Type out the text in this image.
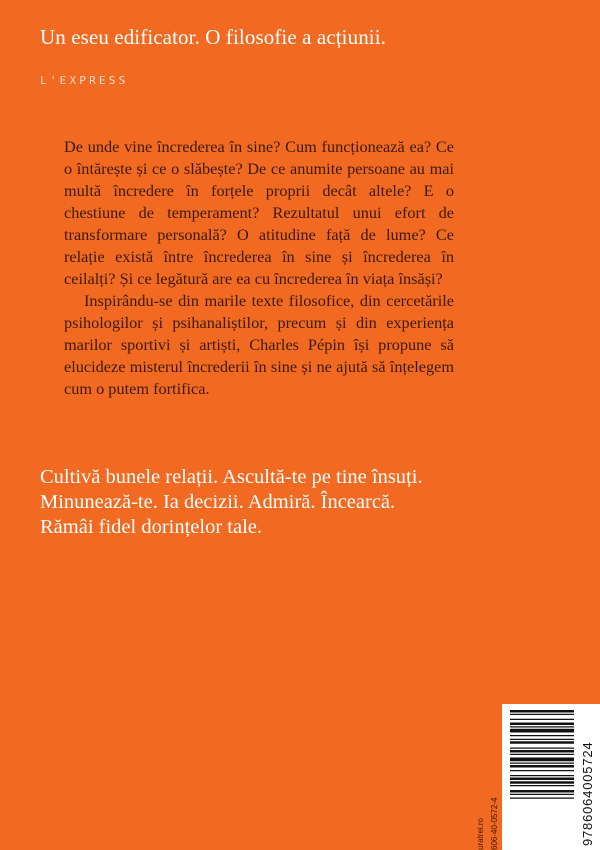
Un eseu edificator. O filosofie a acțiunii.
L'EXPRESS

De unde vine încrederea în sine? Cum funcționează ea? Ce o întărește și ce o slăbește? De ce anumite persoane au mai multă încredere în forțele proprii decât altele? E o chestiune de temperament? Rezultatul unui efort de transformare personală? O atitudine față de lume? Ce relație există între încrederea în sine și încrederea în ceilalți? Și ce legătură are ea cu încrederea în viața însăși?

Inspirându-se din marile texte filosofice, din cercetările psihologilor și psihanaliștilor, precum și din experiența marilor sportivi și artiști, Charles Pépin își propune să elucideze misterul încrederii în sine și ne ajută să înțelegem cum o putem fortifica.

Cultivă bunele relații. Ascultă-te pe tine însuți.
Minunează-te. Ia decizii. Admiră. Încearcă.
Rămâi fidel dorințelor tale.
uratrei.ro 606-40-0572-4	9786064005724
